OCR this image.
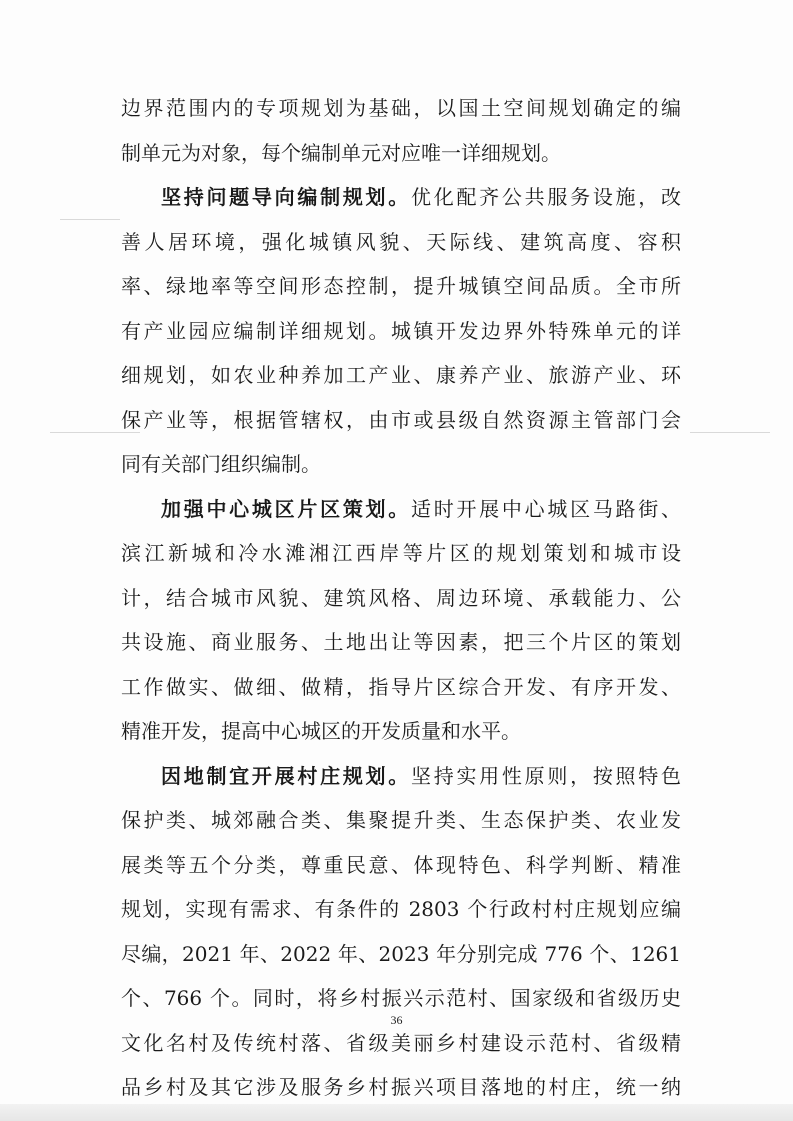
边界范围内的专项规划为基础，以国土空间规划确定的编
制单元为对象，每个编制单元对应唯一详细规划。
坚持问题导向编制规划。优化配齐公共服务设施，改
善人居环境，强化城镇风貌、天际线、建筑高度、容积
率、绿地率等空间形态控制，提升城镇空间品质。全市所
有产业园应编制详细规划。城镇开发边界外特殊单元的详
细规划，如农业种养加工产业、康养产业、旅游产业、环
保产业等，根据管辖权，由市或县级自然资源主管部门会
同有关部门组织编制。
加强中心城区片区策划。适时开展中心城区马路街、
滨江新城和冷水滩湘江西岸等片区的规划策划和城市设
计，结合城市风貌、建筑风格、周边环境、承载能力、公
共设施、商业服务、土地出让等因素，把三个片区的策划
工作做实、做细、做精，指导片区综合开发、有序开发、
精准开发，提高中心城区的开发质量和水平。
因地制宜开展村庄规划。坚持实用性原则，按照特色
保护类、城郊融合类、集聚提升类、生态保护类、农业发
展类等五个分类，尊重民意、体现特色、科学判断、精准
规划，实现有需求、有条件的 2803 个行政村村庄规划应编
尽编，2021 年、2022 年、2023 年分别完成 776 个、1261
个、766 个。同时，将乡村振兴示范村、国家级和省级历史
文化名村及传统村落、省级美丽乡村建设示范村、省级精
品乡村及其它涉及服务乡村振兴项目落地的村庄，统一纳
36
